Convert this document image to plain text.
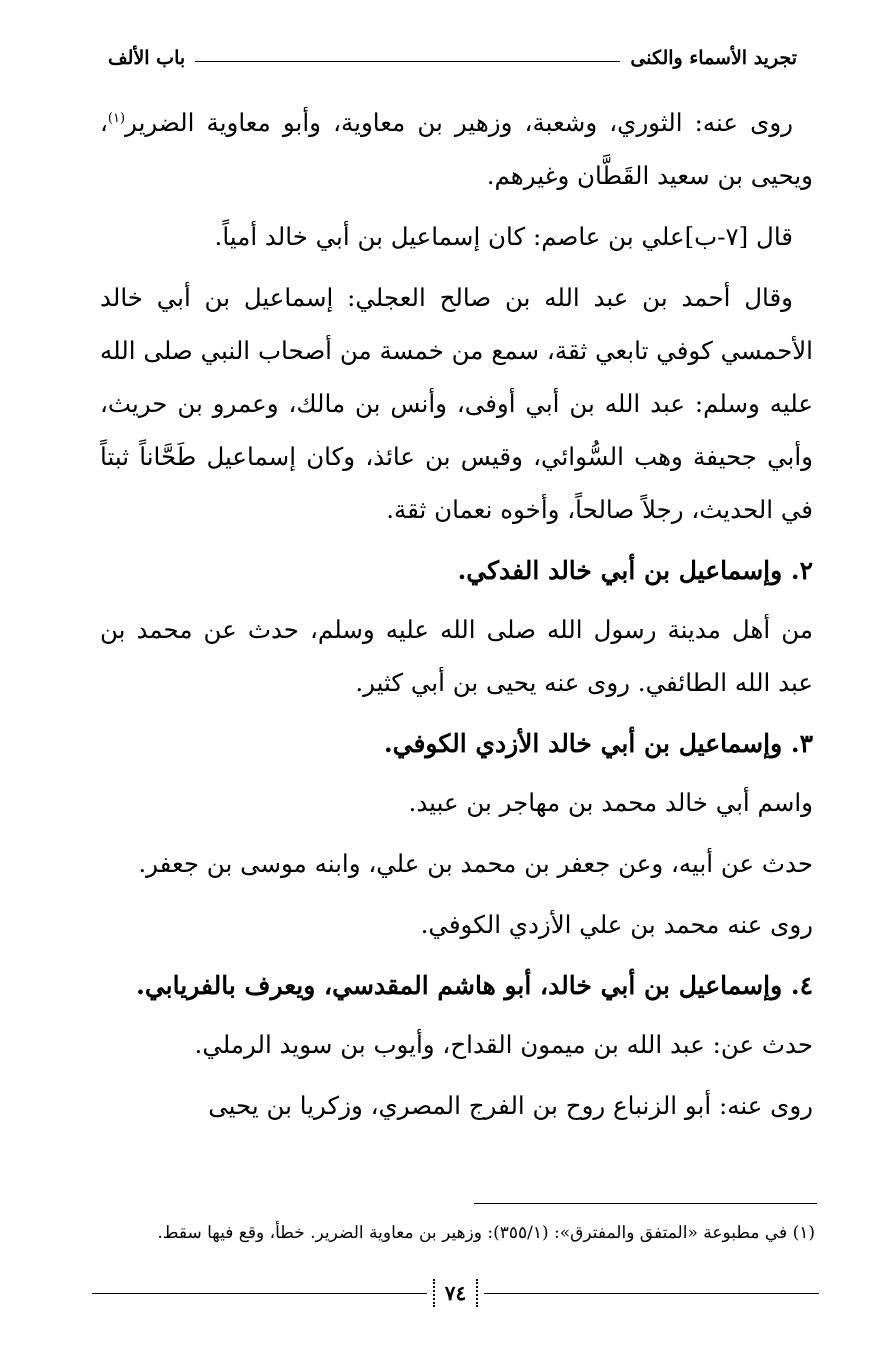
تجريد الأسماء والكنى
باب الألف

روى عنه: الثوري، وشعبة، وزهير بن معاوية، وأبو معاوية الضرير$^{(١)}$، ويحيى بن سعيد القَطَّان وغيرهم.

قال [٧-ب]علي بن عاصم: كان إسماعيل بن أبي خالد أمياً.

وقال أحمد بن عبد الله بن صالح العجلي: إسماعيل بن أبي خالد الأحمسي كوفي تابعي ثقة، سمع من خمسة من أصحاب النبي صلى الله عليه وسلم: عبد الله بن أبي أوفى، وأنس بن مالك، وعمرو بن حريث، وأبي جحيفة وهب السُّوائي، وقيس بن عائذ، وكان إسماعيل طَحَّاناً ثبتاً في الحديث، رجلاً صالحاً، وأخوه نعمان ثقة.

٢. وإسماعيل بن أبي خالد الفدكي.

من أهل مدينة رسول الله صلى الله عليه وسلم، حدث عن محمد بن عبد الله الطائفي. روى عنه يحيى بن أبي كثير.

٣. وإسماعيل بن أبي خالد الأزدي الكوفي.

واسم أبي خالد محمد بن مهاجر بن عبيد.

حدث عن أبيه، وعن جعفر بن محمد بن علي، وابنه موسى بن جعفر.

روى عنه محمد بن علي الأزدي الكوفي.

٤. وإسماعيل بن أبي خالد، أبو هاشم المقدسي، ويعرف بالفريابي.

حدث عن: عبد الله بن ميمون القداح، وأيوب بن سويد الرملي.

روى عنه: أبو الزنباع روح بن الفرج المصري، وزكريا بن يحيى

(١) في مطبوعة «المتفق والمفترق»: (٣٥٥/١): وزهير بن معاوية الضرير. خطأ، وقع فيها سقط.
٧٤
